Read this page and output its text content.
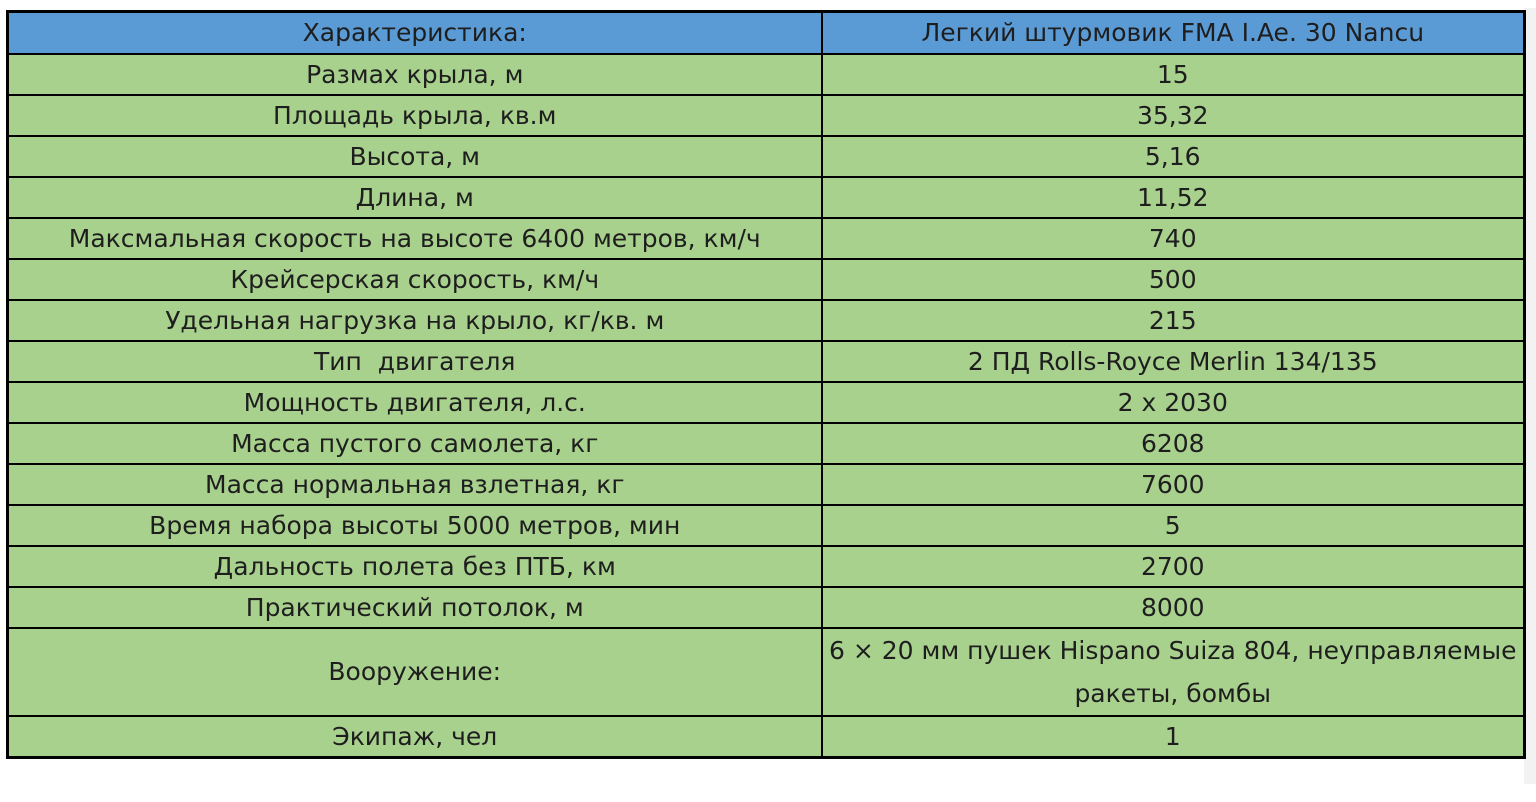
Характеристика:	Легкий штурмовик FMA I.Ae. 30 Nancu
Размах крыла, м	15
Площадь крыла, кв.м	35,32
Высота, м	5,16
Длина, м	11,52
Максмальная скорость на высоте 6400 метров, км/ч	740
Крейсерская скорость, км/ч	500
Удельная нагрузка на крыло, кг/кв. м	215
Тип  двигателя	2 ПД Rolls-Royce Merlin 134/135
Мощность двигателя, л.с.	2 х 2030
Масса пустого самолета, кг	6208
Масса нормальная взлетная, кг	7600
Время набора высоты 5000 метров, мин	5
Дальность полета без ПТБ, км	2700
Практический потолок, м	8000
Вооружение:	6 × 20 мм пушек Hispano Suiza 804, неуправляемые ракеты, бомбы
Экипаж, чел	1
